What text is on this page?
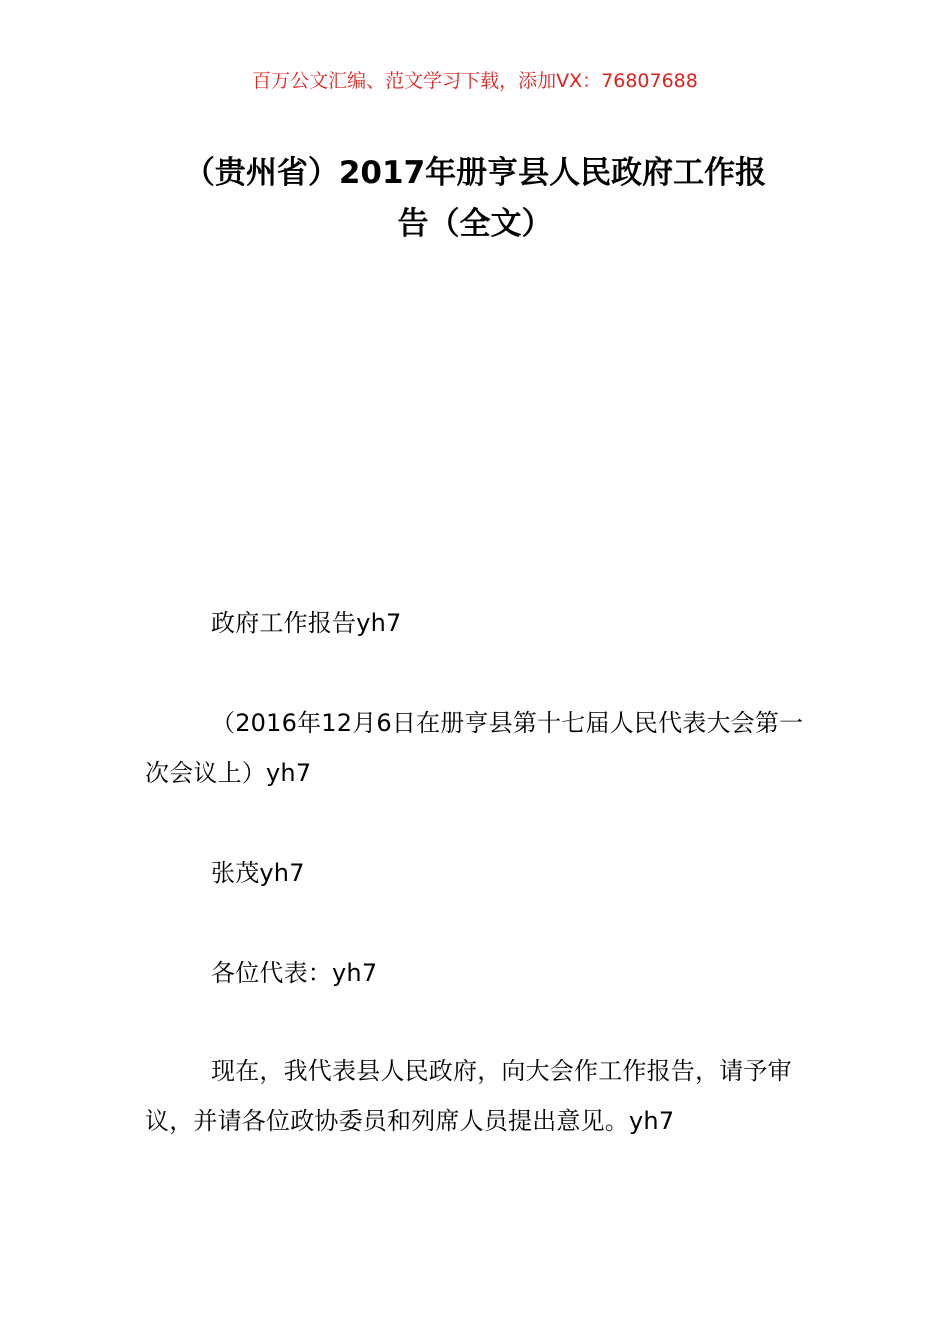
百万公文汇编、范文学习下载，添加VX：76807688
（贵州省）2017年册亨县人民政府工作报
告（全文）
政府工作报告yh7
（2016年12月6日在册亨县第十七届人民代表大会第一次会议上）yh7
张茂yh7
各位代表：yh7
现在，我代表县人民政府，向大会作工作报告，请予审议，并请各位政协委员和列席人员提出意见。yh7
